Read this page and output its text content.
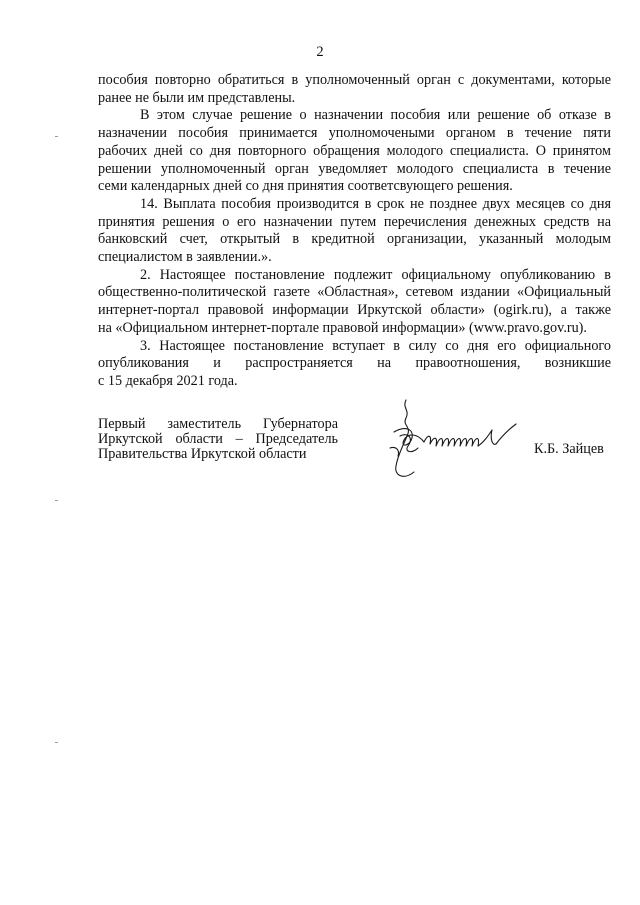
2

пособия повторно обратиться в уполномоченный орган с документами, которые
ранее не были им представлены.

В этом случае решение о назначении пособия или решение об отказе в
назначении пособия принимается уполномочеными органом в течение пяти
рабочих дней со дня повторного обращения молодого специалиста. О принятом
решении уполномоченный орган уведомляет молодого специалиста в течение
семи календарных дней со дня принятия соответсвующего решения.

14. Выплата пособия производится в срок не позднее двух месяцев со дня
принятия решения о его назначении путем перечисления денежных средств на
банковский счет, открытый в кредитной организации, указанный молодым
специалистом в заявлении.».

2. Настоящее постановление подлежит официальному опубликованию в
общественно-политической газете «Областная», сетевом издании «Официальный
интернет-портал правовой информации Иркутской области» (ogirk.ru), а также
на «Официальном интернет-портале правовой информации» (www.pravo.gov.ru).

3. Настоящее постановление вступает в силу со дня его официального
опубликования и распространяется на правоотношения, возникшие
с 15 декабря 2021 года.

Первый заместитель Губернатора
Иркутской области – Председатель
Правительства Иркутской области	К.Б. Зайцев
